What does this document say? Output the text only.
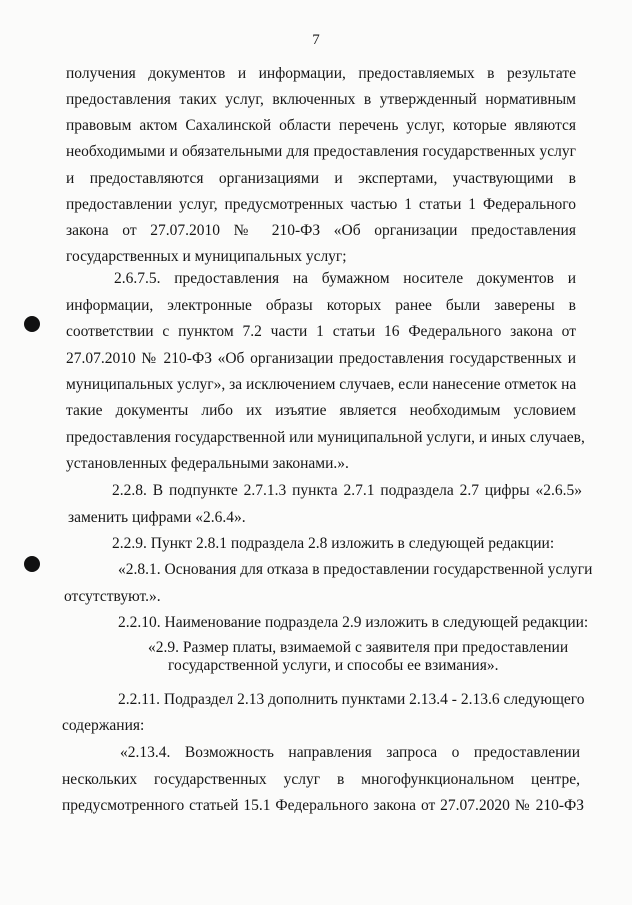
7
получения документов и информации, предоставляемых в результате
предоставления таких услуг, включенных в утвержденный нормативным
правовым актом Сахалинской области перечень услуг, которые являются
необходимыми и обязательными для предоставления государственных услуг
и предоставляются организациями и экспертами, участвующими в
предоставлении услуг, предусмотренных частью 1 статьи 1 Федерального
закона от 27.07.2010 № 210-ФЗ «Об организации предоставления
государственных и муниципальных услуг;
2.6.7.5. предоставления на бумажном носителе документов и
информации, электронные образы которых ранее были заверены в
соответствии с пунктом 7.2 части 1 статьи 16 Федерального закона от
27.07.2010 № 210-ФЗ «Об организации предоставления государственных и
муниципальных услуг», за исключением случаев, если нанесение отметок на
такие документы либо их изъятие является необходимым условием
предоставления государственной или муниципальной услуги, и иных случаев,
установленных федеральными законами.».
2.2.8. В подпункте 2.7.1.3 пункта 2.7.1 подраздела 2.7 цифры «2.6.5»
заменить цифрами «2.6.4».
2.2.9. Пункт 2.8.1 подраздела 2.8 изложить в следующей редакции:
«2.8.1. Основания для отказа в предоставлении государственной услуги
отсутствуют.».
2.2.10. Наименование подраздела 2.9 изложить в следующей редакции:
«2.9. Размер платы, взимаемой с заявителя при предоставлении
государственной услуги, и способы ее взимания».
2.2.11. Подраздел 2.13 дополнить пунктами 2.13.4 - 2.13.6 следующего
содержания:
«2.13.4. Возможность направления запроса о предоставлении
нескольких государственных услуг в многофункциональном центре,
предусмотренного статьей 15.1 Федерального закона от 27.07.2020 № 210-ФЗ
